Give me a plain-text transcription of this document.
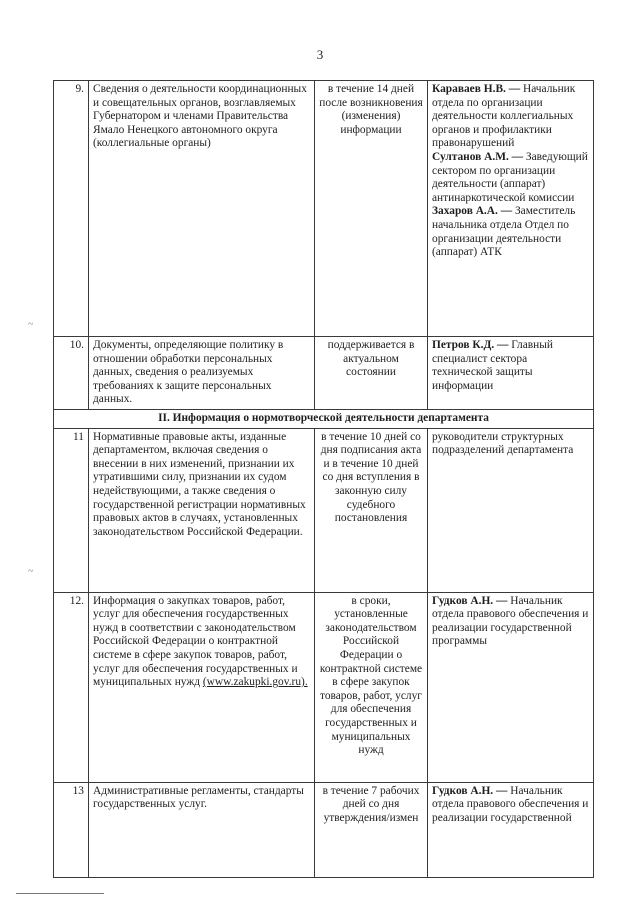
3
~
~
9.	Сведения о деятельности координационных и совещательных органов, возглавляемых Губернатором и членами Правительства Ямало Ненецкого автономного округа (коллегиальные органы)	в течение 14 дней после возникновения (изменения) информации	Караваев Н.В. — Начальник отдела по организации деятельности коллегиальных органов и профилактики правонарушений
Султанов А.М. — Заведующий сектором по организации деятельности (аппарат) антинаркотической комиссии
Захаров А.А. — Заместитель начальника отдела Отдел по организации деятельности (аппарат) АТК

10.	Документы, определяющие политику в отношении обработки персональных данных, сведения о реализуемых требованиях к защите персональных данных.	поддерживается в актуальном состоянии	Петров К.Д. — Главный специалист сектора технической защиты информации

II. Информация о нормотворческой деятельности департамента			
11	Нормативные правовые акты, изданные департаментом, включая сведения о внесении в них изменений, признании их утратившими силу, признании их судом недействующими, а также сведения о государственной регистрации нормативных правовых актов в случаях, установленных законодательством Российской Федерации.	в течение 10 дней со дня подписания акта и в течение 10 дней со дня вступления в законную силу судебного постановления	руководители структурных подразделений департамента
12.	Информация о закупках товаров, работ, услуг для обеспечения государственных нужд в соответствии с законодательством Российской Федерации о контрактной системе в сфере закупок товаров, работ, услуг для обеспечения государственных и муниципальных нужд (www.zakupki.gov.ru).	в сроки, установленные законодательством Российской Федерации о контрактной системе в сфере закупок товаров, работ, услуг для обеспечения государственных и муниципальных нужд	Гудков А.Н. — Начальник отдела правового обеспечения и реализации государственной программы

13	Административные регламенты, стандарты государственных услуг.	в течение 7 рабочих дней со дня утверждения/измен	Гудков А.Н. — Начальник отдела правового обеспечения и реализации государственной
